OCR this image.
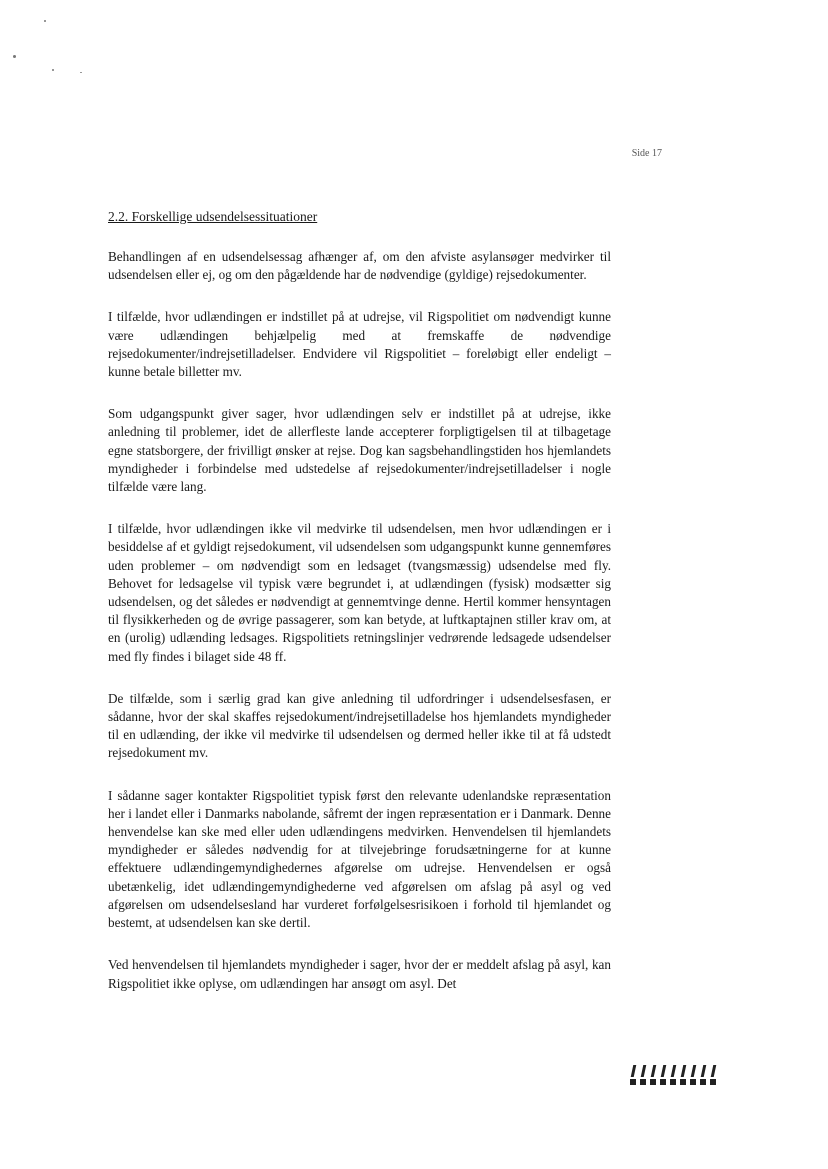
Side 17
2.2. Forskellige udsendelsessituationer

Behandlingen af en udsendelsessag afhænger af, om den afviste asylansøger medvirker til udsendelsen eller ej, og om den pågældende har de nødvendige (gyldige) rejsedokumenter.

I tilfælde, hvor udlændingen er indstillet på at udrejse, vil Rigspolitiet om nødvendigt kunne være udlændingen behjælpelig med at fremskaffe de nødvendige rejsedokumenter/indrejsetilladelser. Endvidere vil Rigspolitiet – foreløbigt eller endeligt – kunne betale billetter mv.

Som udgangspunkt giver sager, hvor udlændingen selv er indstillet på at udrejse, ikke anledning til problemer, idet de allerfleste lande accepterer forpligtigelsen til at tilbagetage egne statsborgere, der frivilligt ønsker at rejse. Dog kan sagsbehandlingstiden hos hjemlandets myndigheder i forbindelse med udstedelse af rejsedokumenter/indrejsetilladelser i nogle tilfælde være lang.

I tilfælde, hvor udlændingen ikke vil medvirke til udsendelsen, men hvor udlændingen er i besiddelse af et gyldigt rejsedokument, vil udsendelsen som udgangspunkt kunne gennemføres uden problemer – om nødvendigt som en ledsaget (tvangsmæssig) udsendelse med fly. Behovet for ledsagelse vil typisk være begrundet i, at udlændingen (fysisk) modsætter sig udsendelsen, og det således er nødvendigt at gennemtvinge denne. Hertil kommer hensyntagen til flysikkerheden og de øvrige passagerer, som kan betyde, at luftkaptajnen stiller krav om, at en (urolig) udlænding ledsages. Rigspolitiets retningslinjer vedrørende ledsagede udsendelser med fly findes i bilaget side 48 ff.

De tilfælde, som i særlig grad kan give anledning til udfordringer i udsendelsesfasen, er sådanne, hvor der skal skaffes rejsedokument/indrejsetilladelse hos hjemlandets myndigheder til en udlænding, der ikke vil medvirke til udsendelsen og dermed heller ikke til at få udstedt rejsedokument mv.

I sådanne sager kontakter Rigspolitiet typisk først den relevante udenlandske repræsentation her i landet eller i Danmarks nabolande, såfremt der ingen repræsentation er i Danmark. Denne henvendelse kan ske med eller uden udlændingens medvirken. Henvendelsen til hjemlandets myndigheder er således nødvendig for at tilvejebringe forudsætningerne for at kunne effektuere udlændingemyndighedernes afgørelse om udrejse. Henvendelsen er også ubetænkelig, idet udlændingemyndighederne ved afgørelsen om afslag på asyl og ved afgørelsen om udsendelsesland har vurderet forfølgelsesrisikoen i forhold til hjemlandet og bestemt, at udsendelsen kan ske dertil.

Ved henvendelsen til hjemlandets myndigheder i sager, hvor der er meddelt afslag på asyl, kan Rigspolitiet ikke oplyse, om udlændingen har ansøgt om asyl. Det
